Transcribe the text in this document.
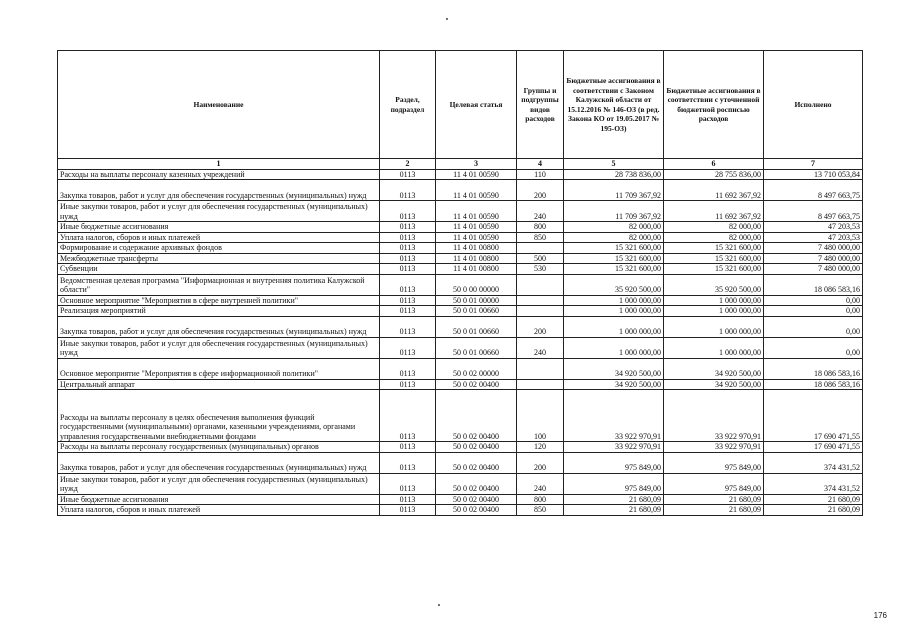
Наименование	Раздел, подраздел	Целевая статья	Группы и подгруппы видов расходов	Бюджетные ассигнования в соответствии с Законом Калужской области от 15.12.2016 № 146-ОЗ (в ред. Закона КО от 19.05.2017 № 195-ОЗ)	Бюджетные ассигнования в соответствии с уточненной бюджетной росписью расходов	Исполнено
1	2	3	4	5	6	7
Расходы на выплаты персоналу казенных учреждений	0113	11 4 01 00590	110	28 738 836,00	28 755 836,00	13 710 053,84
Закупка товаров, работ и услуг для обеспечения государственных (муниципальных) нужд	0113	11 4 01 00590	200	11 709 367,92	11 692 367,92	8 497 663,75
Иные закупки товаров, работ и услуг для обеспечения государственных (муниципальных) нужд	0113	11 4 01 00590	240	11 709 367,92	11 692 367,92	8 497 663,75
Иные бюджетные ассигнования	0113	11 4 01 00590	800	82 000,00	82 000,00	47 203,53
Уплата налогов, сборов и иных платежей	0113	11 4 01 00590	850	82 000,00	82 000,00	47 203,53
Формирование и содержание архивных фондов	0113	11 4 01 00800		15 321 600,00	15 321 600,00	7 480 000,00
Межбюджетные трансферты	0113	11 4 01 00800	500	15 321 600,00	15 321 600,00	7 480 000,00
Субвенции	0113	11 4 01 00800	530	15 321 600,00	15 321 600,00	7 480 000,00
Ведомственная целевая программа "Информационная и внутренняя политика Калужской области"	0113	50 0 00 00000		35 920 500,00	35 920 500,00	18 086 583,16
Основное мероприятие "Мероприятия в сфере внутренней политики"	0113	50 0 01 00000		1 000 000,00	1 000 000,00	0,00
Реализация мероприятий	0113	50 0 01 00660		1 000 000,00	1 000 000,00	0,00
Закупка товаров, работ и услуг для обеспечения государственных (муниципальных) нужд	0113	50 0 01 00660	200	1 000 000,00	1 000 000,00	0,00
Иные закупки товаров, работ и услуг для обеспечения государственных (муниципальных) нужд	0113	50 0 01 00660	240	1 000 000,00	1 000 000,00	0,00
Основное мероприятие "Мероприятия в сфере информационной политики"	0113	50 0 02 00000		34 920 500,00	34 920 500,00	18 086 583,16
Центральный аппарат	0113	50 0 02 00400		34 920 500,00	34 920 500,00	18 086 583,16
Расходы на выплаты персоналу в целях обеспечения выполнения функций государственными (муниципальными) органами, казенными учреждениями, органами управления государственными внебюджетными фондами	0113	50 0 02 00400	100	33 922 970,91	33 922 970,91	17 690 471,55
Расходы на выплаты персоналу государственных (муниципальных) органов	0113	50 0 02 00400	120	33 922 970,91	33 922 970,91	17 690 471,55
Закупка товаров, работ и услуг для обеспечения государственных (муниципальных) нужд	0113	50 0 02 00400	200	975 849,00	975 849,00	374 431,52
Иные закупки товаров, работ и услуг для обеспечения государственных (муниципальных) нужд	0113	50 0 02 00400	240	975 849,00	975 849,00	374 431,52
Иные бюджетные ассигнования	0113	50 0 02 00400	800	21 680,09	21 680,09	21 680,09
Уплата налогов, сборов и иных платежей	0113	50 0 02 00400	850	21 680,09	21 680,09	21 680,09
176
